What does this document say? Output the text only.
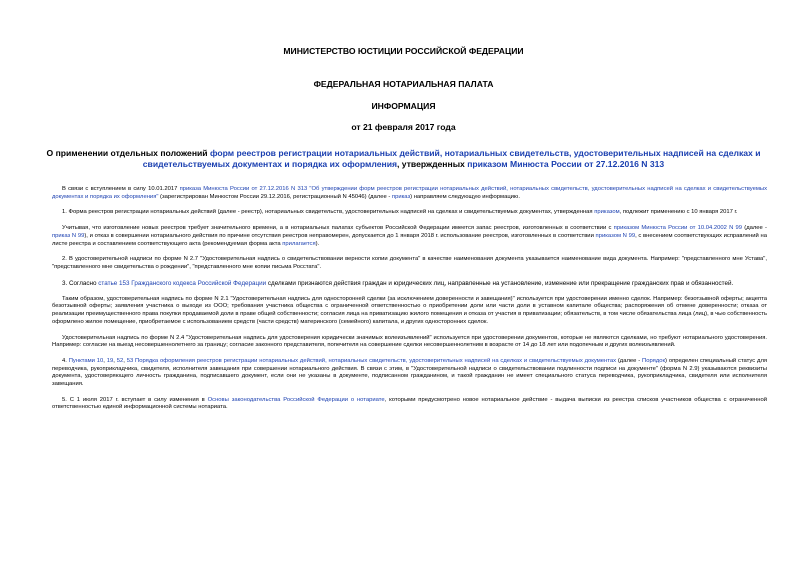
МИНИСТЕРСТВО ЮСТИЦИИ РОССИЙСКОЙ ФЕДЕРАЦИИ
ФЕДЕРАЛЬНАЯ НОТАРИАЛЬНАЯ ПАЛАТА
ИНФОРМАЦИЯ
от 21 февраля 2017 года
О применении отдельных положений форм реестров регистрации нотариальных действий, нотариальных свидетельств, удостоверительных надписей на сделках и свидетельствуемых документах и порядка их оформления, утвержденных приказом Минюста России от 27.12.2016 N 313

В связи с вступлением в силу 10.01.2017 приказа Минюста России от 27.12.2016 N 313 "Об утверждении форм реестров регистрации нотариальных действий, нотариальных свидетельств, удостоверительных надписей на сделках и свидетельствуемых документах и порядка их оформления" (зарегистрирован Минюстом России 29.12.2016, регистрационный N 45046) (далее - приказ) направляем следующую информацию.

1. Форма реестров регистрации нотариальных действий (далее - реестр), нотариальных свидетельств, удостоверительных надписей на сделках и свидетельствуемых документах, утвержденная приказом, подлежит применению с 10 января 2017 г.

Учитывая, что изготовление новых реестров требует значительного времени, а в нотариальных палатах субъектов Российской Федерации имеется запас реестров, изготовленных в соответствии с приказом Минюста России от 10.04.2002 N 99 (далее - приказ N 99), и отказ в совершении нотариального действия по причине отсутствия реестров неправомерен, допускается до 1 января 2018 г. использование реестров, изготовленных в соответствии приказом N 99, с внесением соответствующих исправлений на листе реестра и составлением соответствующего акта (рекомендуемая форма акта прилагается).

2. В удостоверительной надписи по форме N 2.7 "Удостоверительная надпись о свидетельствовании верности копии документа" в качестве наименования документа указывается наименование вида документа. Например: "представленного мне Устава", "представленного мне свидетельства о рождении", "представленного мне копии письма Росстата".

3. Согласно статье 153 Гражданского кодекса Российской Федерации сделками признаются действия граждан и юридических лиц, направленные на установление, изменение или прекращение гражданских прав и обязанностей.

Таким образом, удостоверительная надпись по форме N 2.1 "Удостоверительная надпись для односторонней сделки (за исключением доверенности и завещания)" используется при удостоверении именно сделок. Например: безотзывной оферты; акцепта безотзывной оферты; заявления участника о выходе из ООО; требования участника общества с ограниченной ответственностью о приобретении доли или части доли в уставном капитале общества; распоряжения об отмене доверенности; отказа от реализации преимущественного права покупки продаваемой доли в праве общей собственности; согласия лица на приватизацию жилого помещения и отказа от участия в приватизации; обязательств, в том числе обязательства лица (лиц), в чью собственность оформлено жилое помещение, приобретаемое с использованием средств (части средств) материнского (семейного) капитала, и других односторонних сделок.

Удостоверительная надпись по форме N 2.4 "Удостоверительная надпись для удостоверения юридически значимых волеизъявлений" используется при удостоверении документов, которые не являются сделками, но требуют нотариального удостоверения. Например: согласие на выезд несовершеннолетнего за границу; согласие законного представителя, попечителя на совершение сделки несовершеннолетним в возрасте от 14 до 18 лет или подопечным и других волеизъявлений.

4. Пунктами 10, 19, 52, 53 Порядка оформления реестров регистрации нотариальных действий, нотариальных свидетельств, удостоверительных надписей на сделках и свидетельствуемых документах (далее - Порядок) определен специальный статус для переводчика, рукоприкладчика, свидетеля, исполнителя завещания при совершении нотариального действия. В связи с этим, в "Удостоверительной надписи о свидетельствовании подлинности подписи на документе" (форма N 2.9) указываются реквизиты документа, удостоверяющего личность гражданина, подписавшего документ, если они не указаны в документе, подписанном гражданином, и такой гражданин не имеет специального статуса переводчика, рукоприкладчика, свидетеля или исполнителя завещания.

5. С 1 июля 2017 г. вступает в силу изменения в Основы законодательства Российской Федерации о нотариате, которыми предусмотрено новое нотариальное действие - выдача выписки из реестра списков участников общества с ограниченной ответственностью единой информационной системы нотариата.
